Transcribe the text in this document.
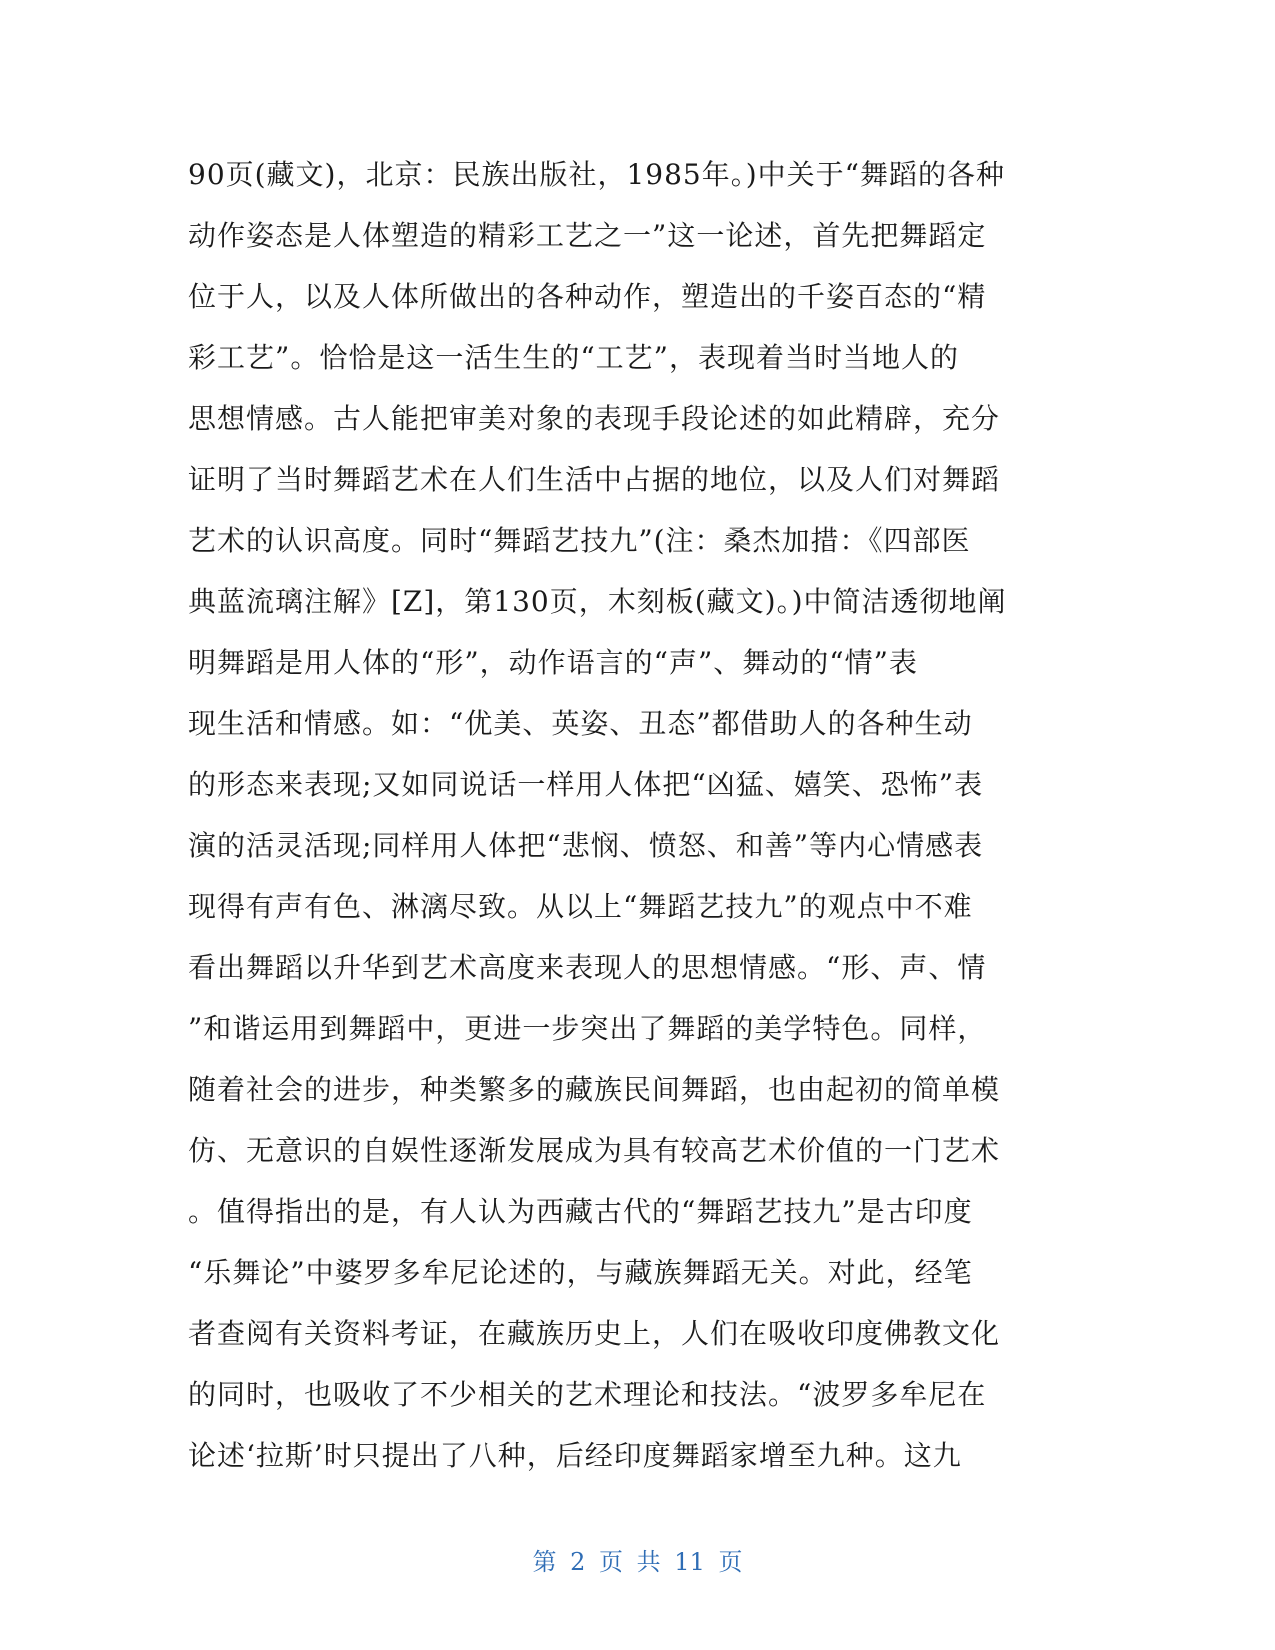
90页(藏文)，北京：民族出版社，1985年。)中关于“舞蹈的各种
动作姿态是人体塑造的精彩工艺之一”这一论述，首先把舞蹈定
位于人，以及人体所做出的各种动作，塑造出的千姿百态的“精
彩工艺”。恰恰是这一活生生的“工艺”，表现着当时当地人的
思想情感。古人能把审美对象的表现手段论述的如此精辟，充分
证明了当时舞蹈艺术在人们生活中占据的地位，以及人们对舞蹈
艺术的认识高度。同时“舞蹈艺技九”(注：桑杰加措：《四部医
典蓝流璃注解》[Z]，第130页，木刻板(藏文)。)中简洁透彻地阐
明舞蹈是用人体的“形”，动作语言的“声”、舞动的“情”表
现生活和情感。如：“优美、英姿、丑态”都借助人的各种生动
的形态来表现;又如同说话一样用人体把“凶猛、嬉笑、恐怖”表
演的活灵活现;同样用人体把“悲悯、愤怒、和善”等内心情感表
现得有声有色、淋漓尽致。从以上“舞蹈艺技九”的观点中不难
看出舞蹈以升华到艺术高度来表现人的思想情感。“形、声、情
”和谐运用到舞蹈中，更进一步突出了舞蹈的美学特色。同样，
随着社会的进步，种类繁多的藏族民间舞蹈，也由起初的简单模
仿、无意识的自娱性逐渐发展成为具有较高艺术价值的一门艺术
。值得指出的是，有人认为西藏古代的“舞蹈艺技九”是古印度
“乐舞论”中婆罗多牟尼论述的，与藏族舞蹈无关。对此，经笔
者查阅有关资料考证，在藏族历史上，人们在吸收印度佛教文化
的同时，也吸收了不少相关的艺术理论和技法。“波罗多牟尼在
论述‘拉斯’时只提出了八种，后经印度舞蹈家增至九种。这九
第 2 页 共 11 页
